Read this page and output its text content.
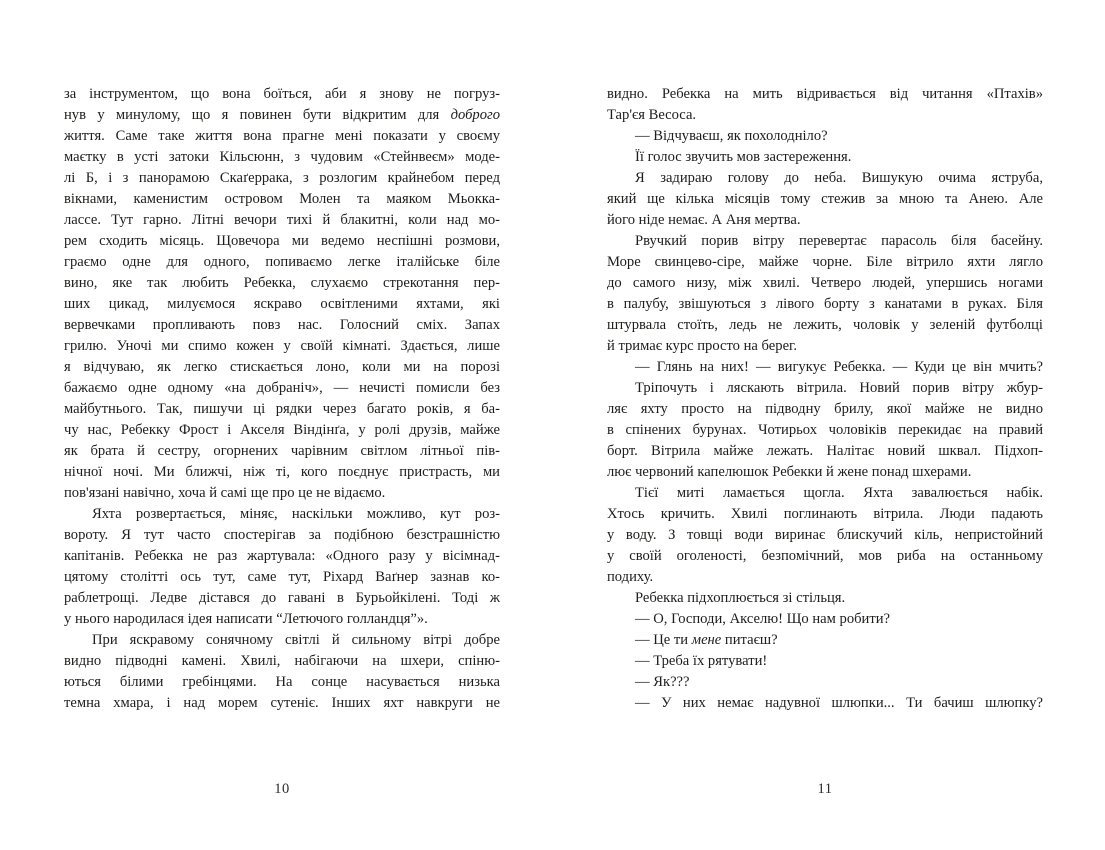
за інструментом, що вона боїться, аби я знову не погруз-
нув у минулому, що я повинен бути відкритим для доброго
життя. Саме таке життя вона прагне мені показати у своєму
маєтку в усті затоки Кільсюнн, з чудовим «Стейнвеєм» моде-
лі Б, і з панорамою Скаґеррака, з розлогим крайнебом перед
вікнами, каменистим островом Молен та маяком Мьокка-
лассе. Тут гарно. Літні вечори тихі й блакитні, коли над мо-
рем сходить місяць. Щовечора ми ведемо неспішні розмови,
граємо одне для одного, попиваємо легке італійське біле
вино, яке так любить Ребекка, слухаємо стрекотання пер-
ших цикад, милуємося яскраво освітленими яхтами, які
вервечками пропливають повз нас. Голосний сміх. Запах
грилю. Уночі ми спимо кожен у своїй кімнаті. Здається, лише
я відчуваю, як легко стискається лоно, коли ми на порозі
бажаємо одне одному «на добраніч», — нечисті помисли без
майбутнього. Так, пишучи ці рядки через багато років, я ба-
чу нас, Ребекку Фрост і Акселя Віндінґа, у ролі друзів, майже
як брата й сестру, огорнених чарівним світлом літньої пів-
нічної ночі. Ми ближчі, ніж ті, кого поєднує пристрасть, ми
пов'язані навічно, хоча й самі ще про це не відаємо.
Яхта розвертається, міняє, наскільки можливо, кут роз-
вороту. Я тут часто спостерігав за подібною безстрашністю
капітанів. Ребекка не раз жартувала: «Одного разу у вісімнад-
цятому столітті ось тут, саме тут, Ріхард Ваґнер зазнав ко-
раблетрощі. Ледве дістався до гавані в Бурьойкілені. Тоді ж
у нього народилася ідея написати “Летючого голландця”».
При яскравому сонячному світлі й сильному вітрі добре
видно підводні камені. Хвилі, набігаючи на шхери, спіню-
ються білими гребінцями. На сонце насувається низька
темна хмара, і над морем сутеніє. Інших яхт навкруги не
видно. Ребекка на мить відривається від читання «Птахів»
Тар'єя Весоса.
— Відчуваєш, як похолодніло?
Її голос звучить мов застереження.
Я задираю голову до неба. Вишукую очима яструба,
який ще кілька місяців тому стежив за мною та Анею. Але
його ніде немає. А Аня мертва.
Рвучкий порив вітру перевертає парасоль біля басейну.
Море свинцево-сіре, майже чорне. Біле вітрило яхти лягло
до самого низу, між хвилі. Четверо людей, упершись ногами
в палубу, звішуються з лівого борту з канатами в руках. Біля
штурвала стоїть, ледь не лежить, чоловік у зеленій футболці
й тримає курс просто на берег.
— Глянь на них! — вигукує Ребекка. — Куди це він мчить?
Тріпочуть і ляскають вітрила. Новий порив вітру жбур-
ляє яхту просто на підводну брилу, якої майже не видно
в спінених бурунах. Чотирьох чоловіків перекидає на правий
борт. Вітрила майже лежать. Налітає новий шквал. Підхоп-
лює червоний капелюшок Ребекки й жене понад шхерами.
Тієї миті ламається щогла. Яхта завалюється набік.
Хтось кричить. Хвилі поглинають вітрила. Люди падають
у воду. З товщі води виринає блискучий кіль, непристойний
у своїй оголеності, безпомічний, мов риба на останньому
подиху.
Ребекка підхоплюється зі стільця.
— О, Господи, Акселю! Що нам робити?
— Це ти мене питаєш?
— Треба їх рятувати!
— Як???
— У них немає надувної шлюпки... Ти бачиш шлюпку?
10	11
